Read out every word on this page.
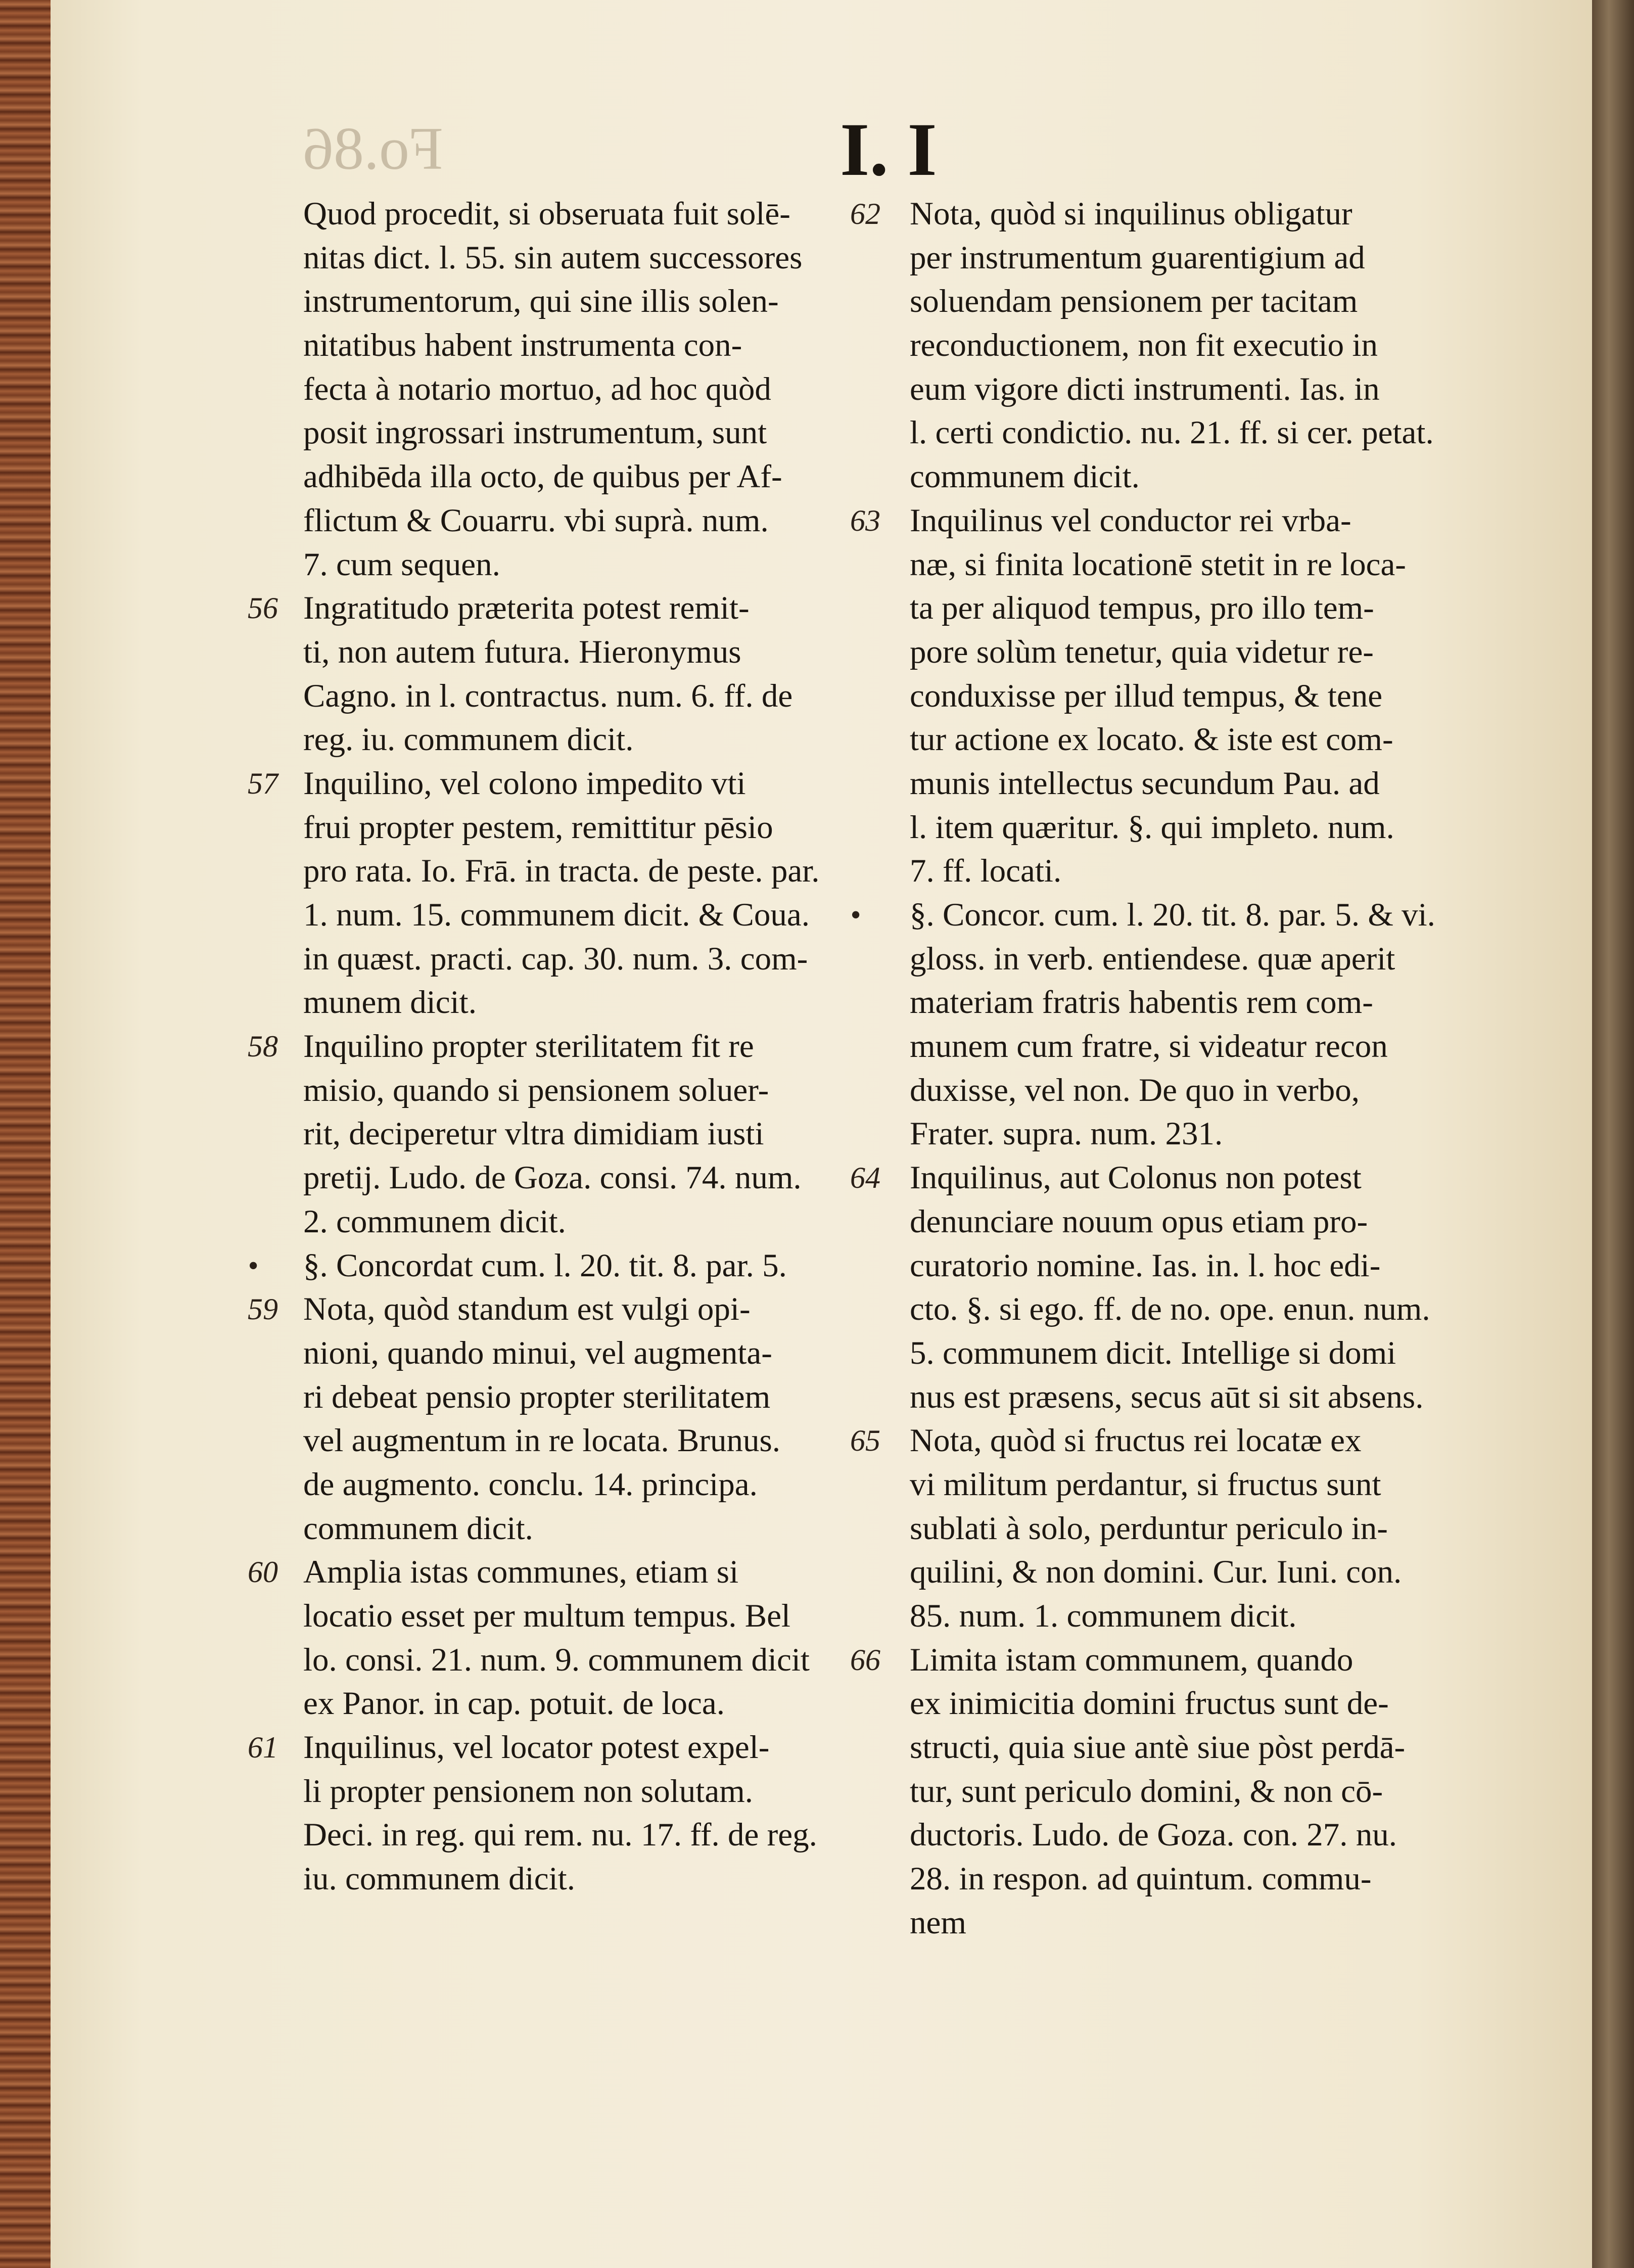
Fo.86	I. I
Quod procedit, si obseruata fuit solē-
nitas dict. l. 55. sin autem successores
instrumentorum, qui sine illis solen-
nitatibus habent instrumenta con-
fecta à notario mortuo, ad hoc quòd
posit ingrossari instrumentum, sunt
adhibēda illa octo, de quibus per Af-
flictum & Couarru. vbi suprà. num.
7. cum sequen.
56 Ingratitudo præterita potest remit-
ti, non autem futura. Hieronymus
Cagno. in l. contractus. num. 6. ff. de
reg. iu. communem dicit.
57 Inquilino, vel colono impedito vti
frui propter pestem, remittitur pēsio
pro rata. Io. Frā. in tracta. de peste. par.
1. num. 15. communem dicit. & Coua.
in quæst. practi. cap. 30. num. 3. com-
munem dicit.
58 Inquilino propter sterilitatem fit re
misio, quando si pensionem soluer-
rit, deciperetur vltra dimidiam iusti
pretij. Ludo. de Goza. consi. 74. num.
2. communem dicit.
• §. Concordat cum. l. 20. tit. 8. par. 5.
59 Nota, quòd standum est vulgi opi-
nioni, quando minui, vel augmenta-
ri debeat pensio propter sterilitatem
vel augmentum in re locata. Brunus.
de augmento. conclu. 14. principa.
communem dicit.
60 Amplia istas communes, etiam si
locatio esset per multum tempus. Bel
lo. consi. 21. num. 9. communem dicit
ex Panor. in cap. potuit. de loca.
61 Inquilinus, vel locator potest expel-
li propter pensionem non solutam.
Deci. in reg. qui rem. nu. 17. ff. de reg.
iu. communem dicit.
62 Nota, quòd si inquilinus obligatur
per instrumentum guarentigium ad
soluendam pensionem per tacitam
reconductionem, non fit executio in
eum vigore dicti instrumenti. Ias. in
l. certi condictio. nu. 21. ff. si cer. petat.
communem dicit.
63 Inquilinus vel conductor rei vrba-
næ, si finita locationē stetit in re loca-
ta per aliquod tempus, pro illo tem-
pore solùm tenetur, quia videtur re-
conduxisse per illud tempus, & tene
tur actione ex locato. & iste est com-
munis intellectus secundum Pau. ad
l. item quæritur. §. qui impleto. num.
7. ff. locati.
• §. Concor. cum. l. 20. tit. 8. par. 5. & vi.
gloss. in verb. entiendese. quæ aperit
materiam fratris habentis rem com-
munem cum fratre, si videatur recon
duxisse, vel non. De quo in verbo,
Frater. supra. num. 231.
64 Inquilinus, aut Colonus non potest
denunciare nouum opus etiam pro-
curatorio nomine. Ias. in. l. hoc edi-
cto. §. si ego. ff. de no. ope. enun. num.
5. communem dicit. Intellige si domi
nus est præsens, secus aūt si sit absens.
65 Nota, quòd si fructus rei locatæ ex
vi militum perdantur, si fructus sunt
sublati à solo, perduntur periculo in-
quilini, & non domini. Cur. Iuni. con.
85. num. 1. communem dicit.
66 Limita istam communem, quando
ex inimicitia domini fructus sunt de-
structi, quia siue antè siue pòst perdā-
tur, sunt periculo domini, & non cō-
ductoris. Ludo. de Goza. con. 27. nu.
28. in respon. ad quintum. commu-
nem
